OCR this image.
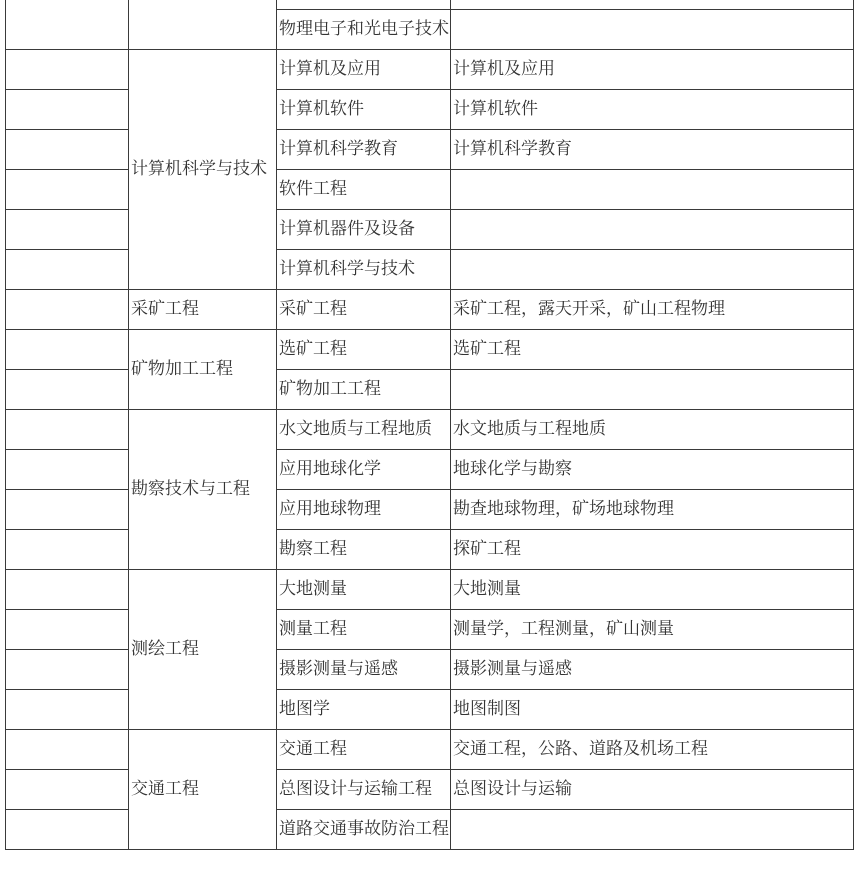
		物理电子和光电子技术	
	计算机科学与技术	计算机及应用	计算机及应用
		计算机软件	计算机软件
		计算机科学教育	计算机科学教育
		软件工程	
		计算机器件及设备	
		计算机科学与技术	
	采矿工程	采矿工程	采矿工程，露天开采，矿山工程物理
	矿物加工工程	选矿工程	选矿工程
		矿物加工工程	
	勘察技术与工程	水文地质与工程地质	水文地质与工程地质
		应用地球化学	地球化学与勘察
		应用地球物理	勘查地球物理，矿场地球物理
		勘察工程	探矿工程
	测绘工程	大地测量	大地测量
		测量工程	测量学，工程测量，矿山测量
		摄影测量与遥感	摄影测量与遥感
		地图学	地图制图
	交通工程	交通工程	交通工程，公路、道路及机场工程
		总图设计与运输工程	总图设计与运输
		道路交通事故防治工程	
